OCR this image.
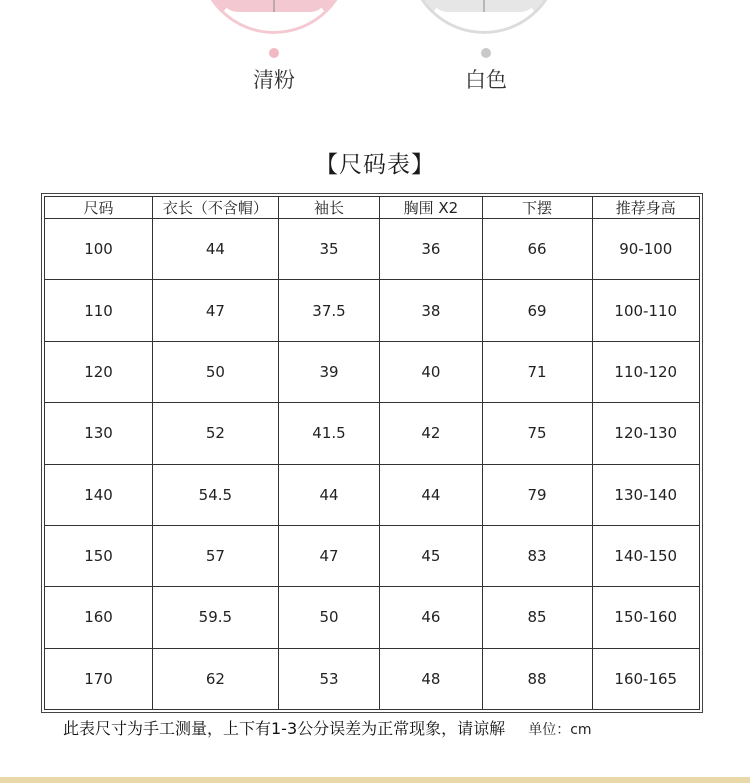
清粉	白色
【尺码表】
尺码	衣长（不含帽）	袖长	胸围 X2	下摆	推荐身高
100	44	35	36	66	90-100
110	47	37.5	38	69	100-110
120	50	39	40	71	110-120
130	52	41.5	42	75	120-130
140	54.5	44	44	79	130-140
150	57	47	45	83	140-150
160	59.5	50	46	85	150-160
170	62	53	48	88	160-165
此表尺寸为手工测量，上下有1-3公分误差为正常现象，请谅解 单位：cm
